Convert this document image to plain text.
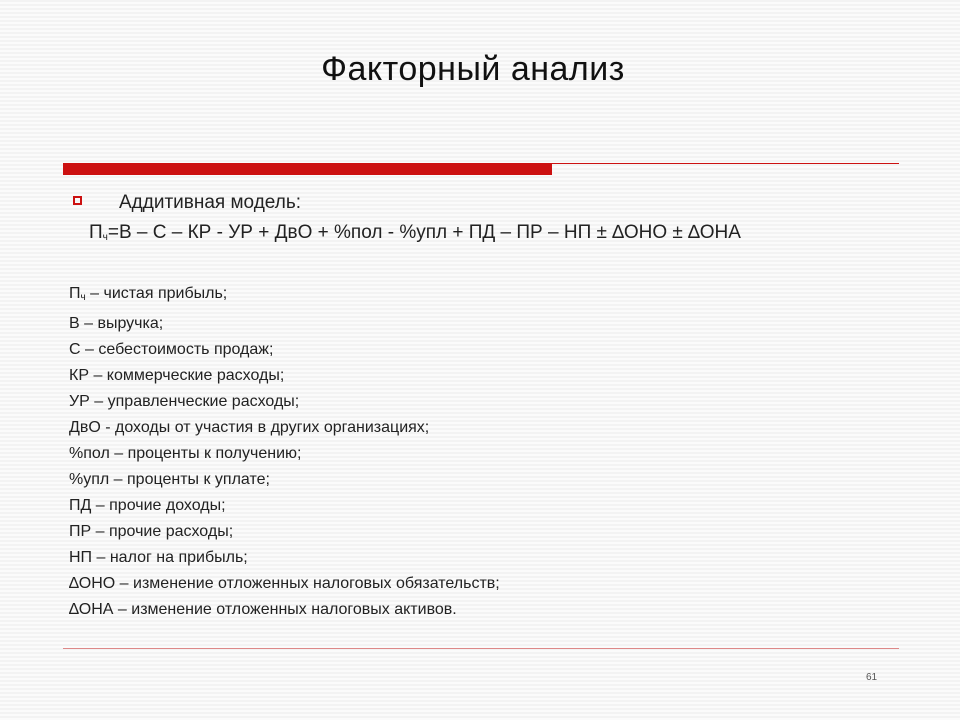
Факторный анализ
Аддитивная модель:
$П_ч=В - С$ – КР - УР + ДвО + %пол - %упл + ПД – ПР – НП ± ∆ОНО ± ∆ОНА
$П_ч$ – чистая прибыль;
В – выручка;
С – себестоимость продаж;
КР – коммерческие расходы;
УР – управленческие расходы;
ДвО - доходы от участия в других организациях;
%пол – проценты к получению;
%упл – проценты к уплате;
ПД – прочие доходы;
ПР – прочие расходы;
НП – налог на прибыль;
∆ОНО – изменение отложенных налоговых обязательств;
∆ОНА – изменение отложенных налоговых активов.
61
